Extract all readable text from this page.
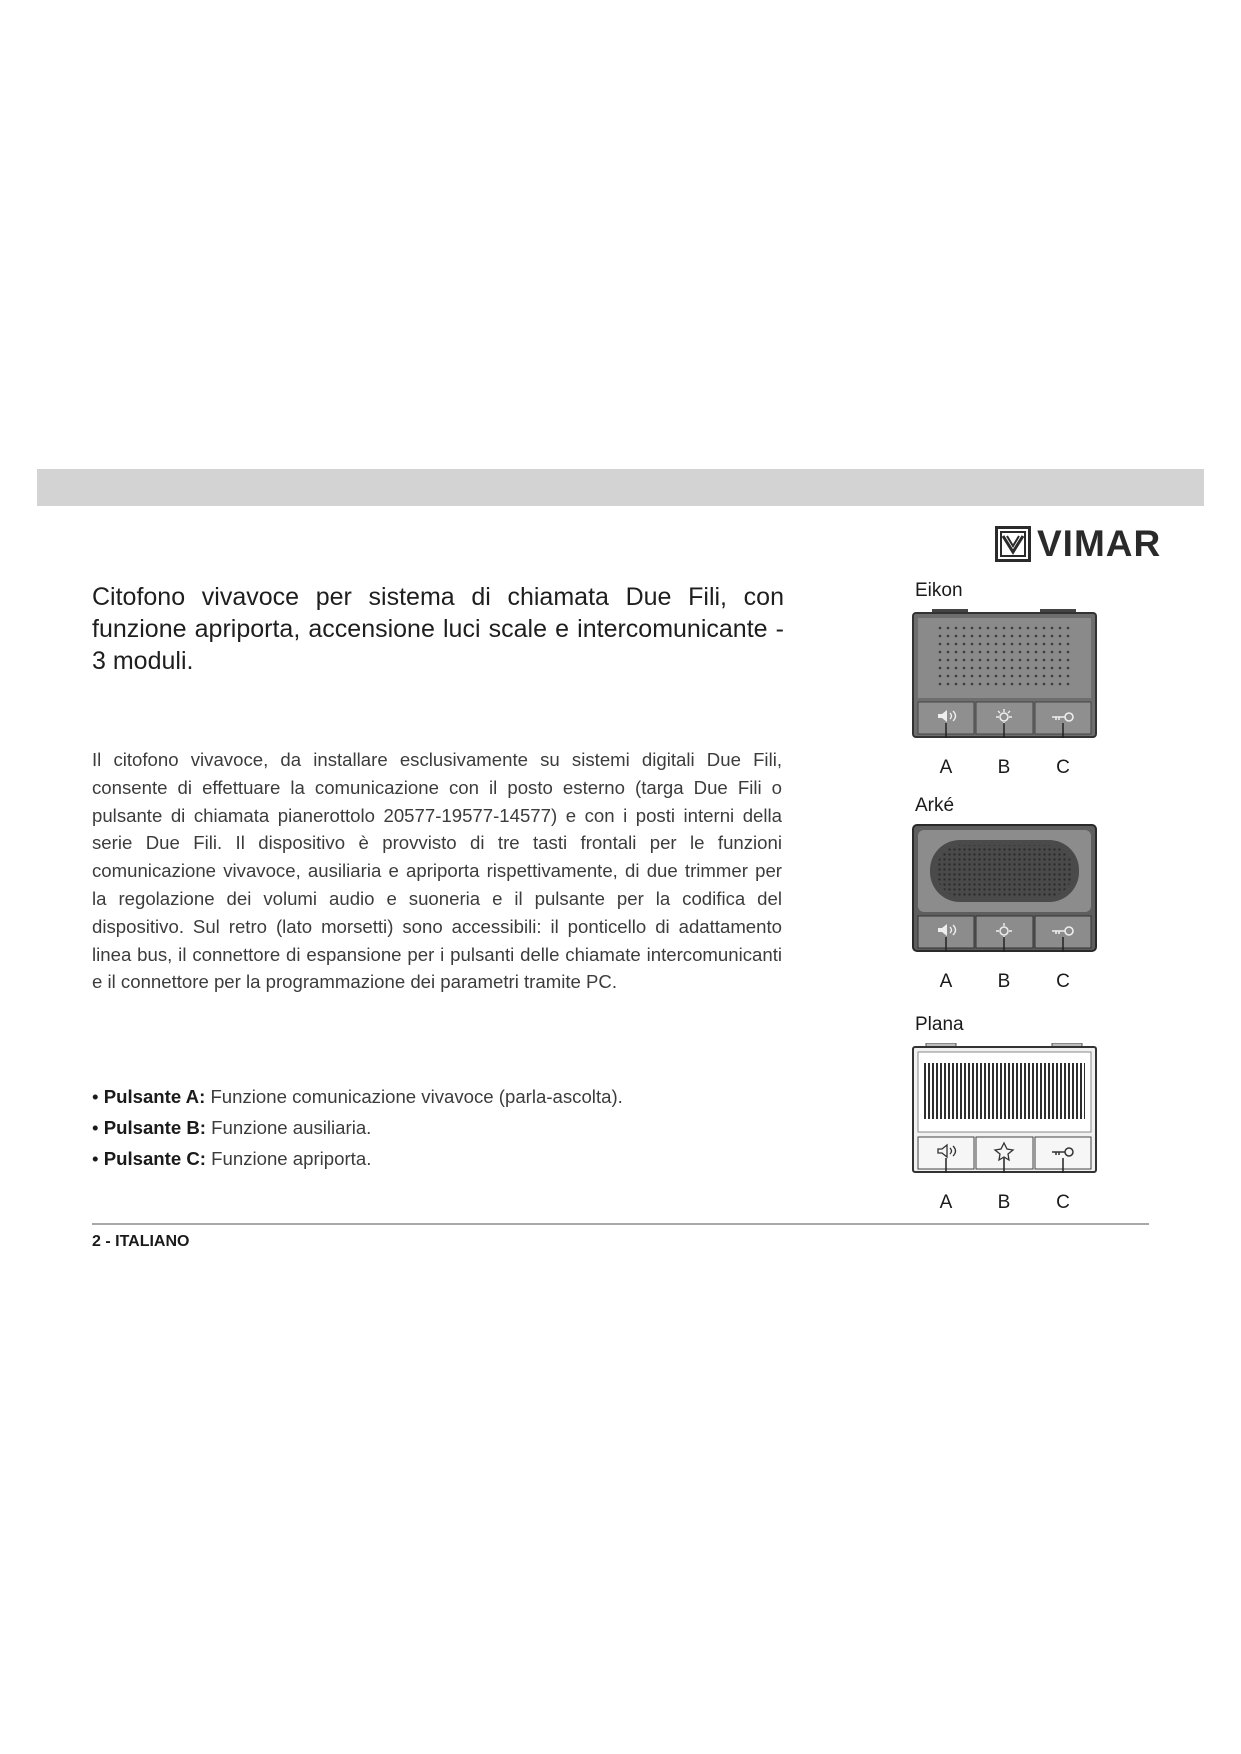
VIMAR
Citofono vivavoce per sistema di chiamata Due Fili, con funzione apriporta, accensione luci scale e intercomunicante - 3 moduli.

Il citofono vivavoce, da installare esclusivamente su sistemi digitali Due Fili, consente di effettuare la comunicazione con il posto esterno (targa Due Fili o pulsante di chiamata pianerottolo 20577-19577-14577) e con i posti interni della serie Due Fili. Il dispositivo è provvisto di tre tasti frontali per le funzioni comunicazione vivavoce, ausiliaria e apriporta rispettivamente, di due trimmer per la regolazione dei volumi audio e suoneria e il pulsante per la codifica del dispositivo. Sul retro (lato morsetti) sono accessibili: il ponticello di adattamento linea bus, il connettore di espansione per i pulsanti delle chiamate intercomunicanti e il connettore per la programmazione dei parametri tramite PC.

• Pulsante A: Funzione comunicazione vivavoce (parla-ascolta).
• Pulsante B: Funzione ausiliaria.
• Pulsante C: Funzione apriporta.
Eikon
A B C
Arké
A B C
Plana
A B C
2 - ITALIANO
